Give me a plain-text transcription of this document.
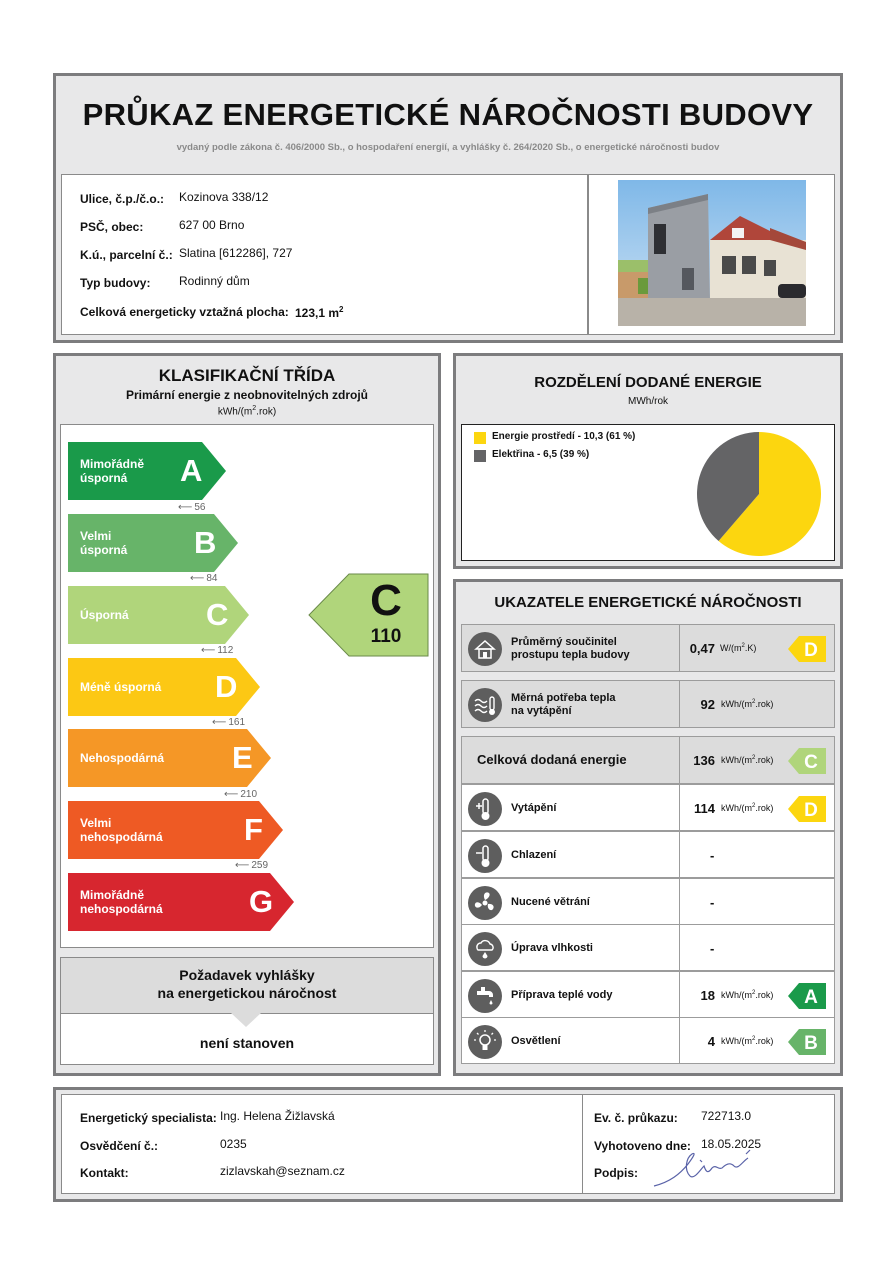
PRŮKAZ ENERGETICKÉ NÁROČNOSTI BUDOVY
vydaný podle zákona č. 406/2000 Sb., o hospodaření energií, a vyhlášky č. 264/2020 Sb., o energetické náročnosti budov
Ulice, č.p./č.o.: Kozinova 338/12
PSČ, obec:	627 00 Brno
K.ú., parcelní č.: Slatina [612286], 727
Typ budovy: Rodinný dům
Celková energeticky vztažná plocha: 123,1 $m^2$
KLASIFIKAČNÍ TŘÍDA
Primární energie z neobnovitelných zdrojů
kWh/$(m^2.rok)$
Mimořádně
úsporná	A
⟵ 56
Velmi
úsporná B
⟵ 84
Úsporná C
⟵ 112
Méně úsporná D
⟵ 161
Nehospodárná E
⟵ 210
Velmi
nehospodárná	F
⟵ 259
Mimořádně
nehospodárná	G
C
110
Požadavek vyhlášky
na energetickou náročnost
není stanoven
ROZDĚLENÍ DODANÉ ENERGIE
MWh/rok
Energie prostředí - 10,3 (61 %)
Elektřina - 6,5 (39 %)
UKAZATELE ENERGETICKÉ NÁROČNOSTI
Průměrný součinitel
prostupu tepla budovy	0,47 $W/(m^2.K)$	D
Měrná potřeba tepla
na vytápění	92 kWh/$(m^2.rok)$
Celková dodaná energie	136 kWh/$(m^2.rok)$ C
Vytápění	114 kWh/$(m^2.rok)$ D
Chlazení	-
Nucené větrání	-
Úprava vlhkosti	-
Příprava teplé vody	18 kWh/$(m^2.rok)$ A
Osvětlení	4 kWh/$(m^2.rok)$ B
Energetický specialista: Ing. Helena Žižlavská
Osvědčení č.:	0235
Kontakt:	zizlavskah@seznam.cz
Ev. č. průkazu: 722713.0
Vyhotoveno dne: 18.05.2025
Podpis:
